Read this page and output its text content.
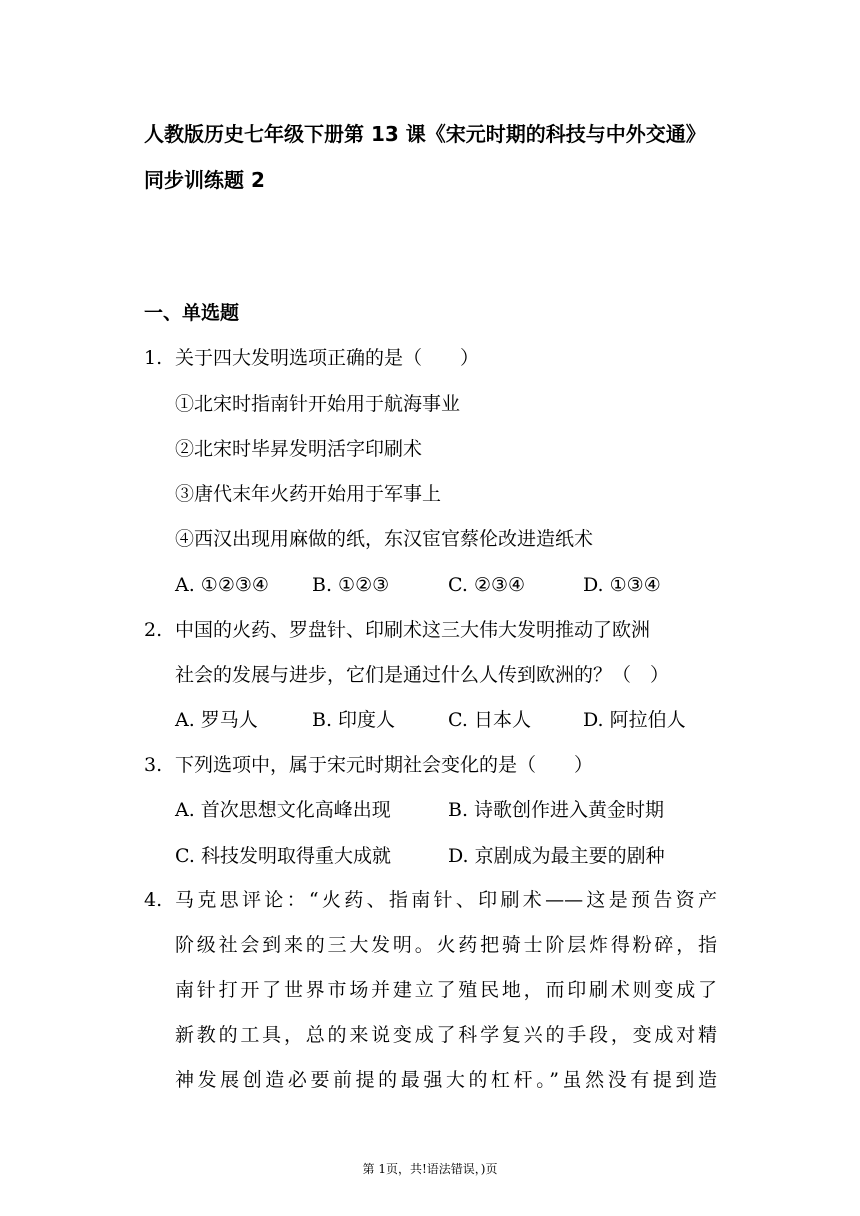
人教版历史七年级下册第 13 课《宋元时期的科技与中外交通》
同步训练题 2
一、单选题
1. 关于四大发明选项正确的是（　　）
①北宋时指南针开始用于航海事业
②北宋时毕昇发明活字印刷术
③唐代末年火药开始用于军事上
④西汉出现用麻做的纸，东汉宦官蔡伦改进造纸术
A. ①②③④ B. ①②③	C. ②③④	D. ①③④
2. 中国的火药、罗盘针、印刷术这三大伟大发明推动了欧洲
社会的发展与进步，它们是通过什么人传到欧洲的？（　）
A. 罗马人	B. 印度人	C. 日本人	D. 阿拉伯人
3. 下列选项中，属于宋元时期社会变化的是（　　）
A. 首次思想文化高峰出现	B. 诗歌创作进入黄金时期
C. 科技发明取得重大成就	D. 京剧成为最主要的剧种
4. 马克思评论：“火药、指南针、印刷术——这是预告资产
阶级社会到来的三大发明。火药把骑士阶层炸得粉碎，指
南针打开了世界市场并建立了殖民地，而印刷术则变成了
新教的工具，总的来说变成了科学复兴的手段，变成对精
神发展创造必要前提的最强大的杠杆。”虽然没有提到造
第 1页，共!语法错误，)页
